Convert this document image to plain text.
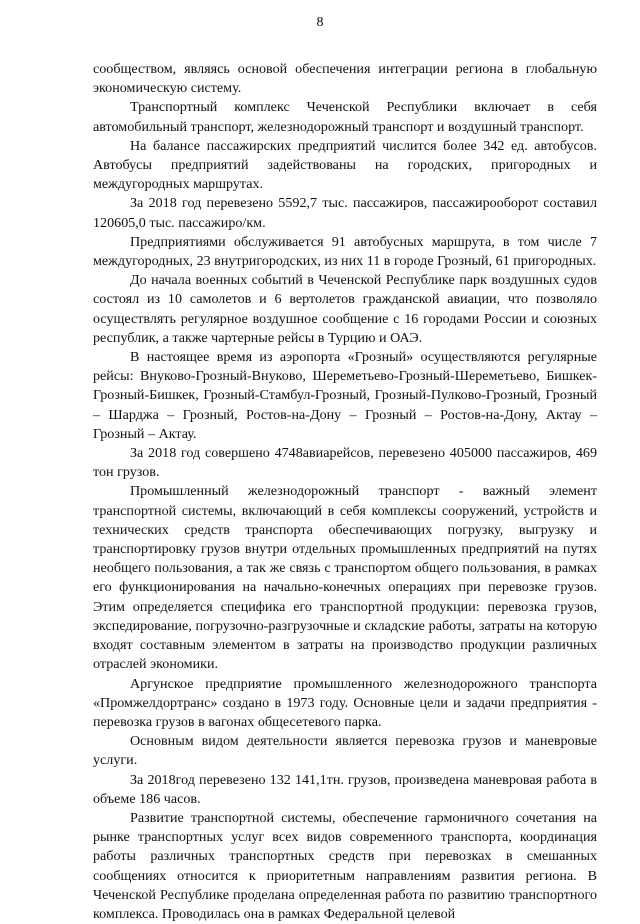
8

сообществом, являясь основой обеспечения интеграции региона в глобальную экономическую систему.

Транспортный комплекс Чеченской Республики включает в себя автомобильный транспорт, железнодорожный транспорт и воздушный транспорт.

На балансе пассажирских предприятий числится более 342 ед. автобусов. Автобусы предприятий задействованы на городских, пригородных и междугородных маршрутах.

За 2018 год перевезено 5592,7 тыс. пассажиров, пассажирооборот составил 120605,0 тыс. пассажиро/км.

Предприятиями обслуживается 91 автобусных маршрута, в том числе 7 междугородных, 23 внутригородских, из них 11 в городе Грозный, 61 пригородных.

До начала военных событий в Чеченской Республике парк воздушных судов состоял из 10 самолетов и 6 вертолетов гражданской авиации, что позволяло осуществлять регулярное воздушное сообщение с 16 городами России и союзных республик, а также чартерные рейсы в Турцию и ОАЭ.

В настоящее время из аэропорта «Грозный» осуществляются регулярные рейсы: Внуково-Грозный-Внуково, Шереметьево-Грозный-Шереметьево, Бишкек-Грозный-Бишкек, Грозный-Стамбул-Грозный, Грозный-Пулково-Грозный, Грозный – Шарджа – Грозный, Ростов-на-Дону – Грозный – Ростов-на-Дону, Актау – Грозный – Актау.

За 2018 год совершено 4748авиарейсов, перевезено 405000 пассажиров, 469 тон грузов.

Промышленный железнодорожный транспорт - важный элемент транспортной системы, включающий в себя комплексы сооружений, устройств и технических средств транспорта обеспечивающих погрузку, выгрузку и транспортировку грузов внутри отдельных промышленных предприятий на путях необщего пользования, а так же связь с транспортом общего пользования, в рамках его функционирования на начально-конечных операциях при перевозке грузов. Этим определяется специфика его транспортной продукции: перевозка грузов, экспедирование, погрузочно-разгрузочные и складские работы, затраты на которую входят составным элементом в затраты на производство продукции различных отраслей экономики.

Аргунское предприятие промышленного железнодорожного транспорта «Промжелдортранс» создано в 1973 году. Основные цели и задачи предприятия - перевозка грузов в вагонах общесетевого парка.

Основным видом деятельности является перевозка грузов и маневровые услуги.

За 2018год перевезено 132 141,1тн. грузов, произведена маневровая работа в объеме 186 часов.

Развитие транспортной системы, обеспечение гармоничного сочетания на рынке транспортных услуг всех видов современного транспорта, координация работы различных транспортных средств при перевозках в смешанных сообщениях относится к приоритетным направлениям развития региона. В Чеченской Республике проделана определенная работа по развитию транспортного комплекса. Проводилась она в рамках Федеральной целевой
